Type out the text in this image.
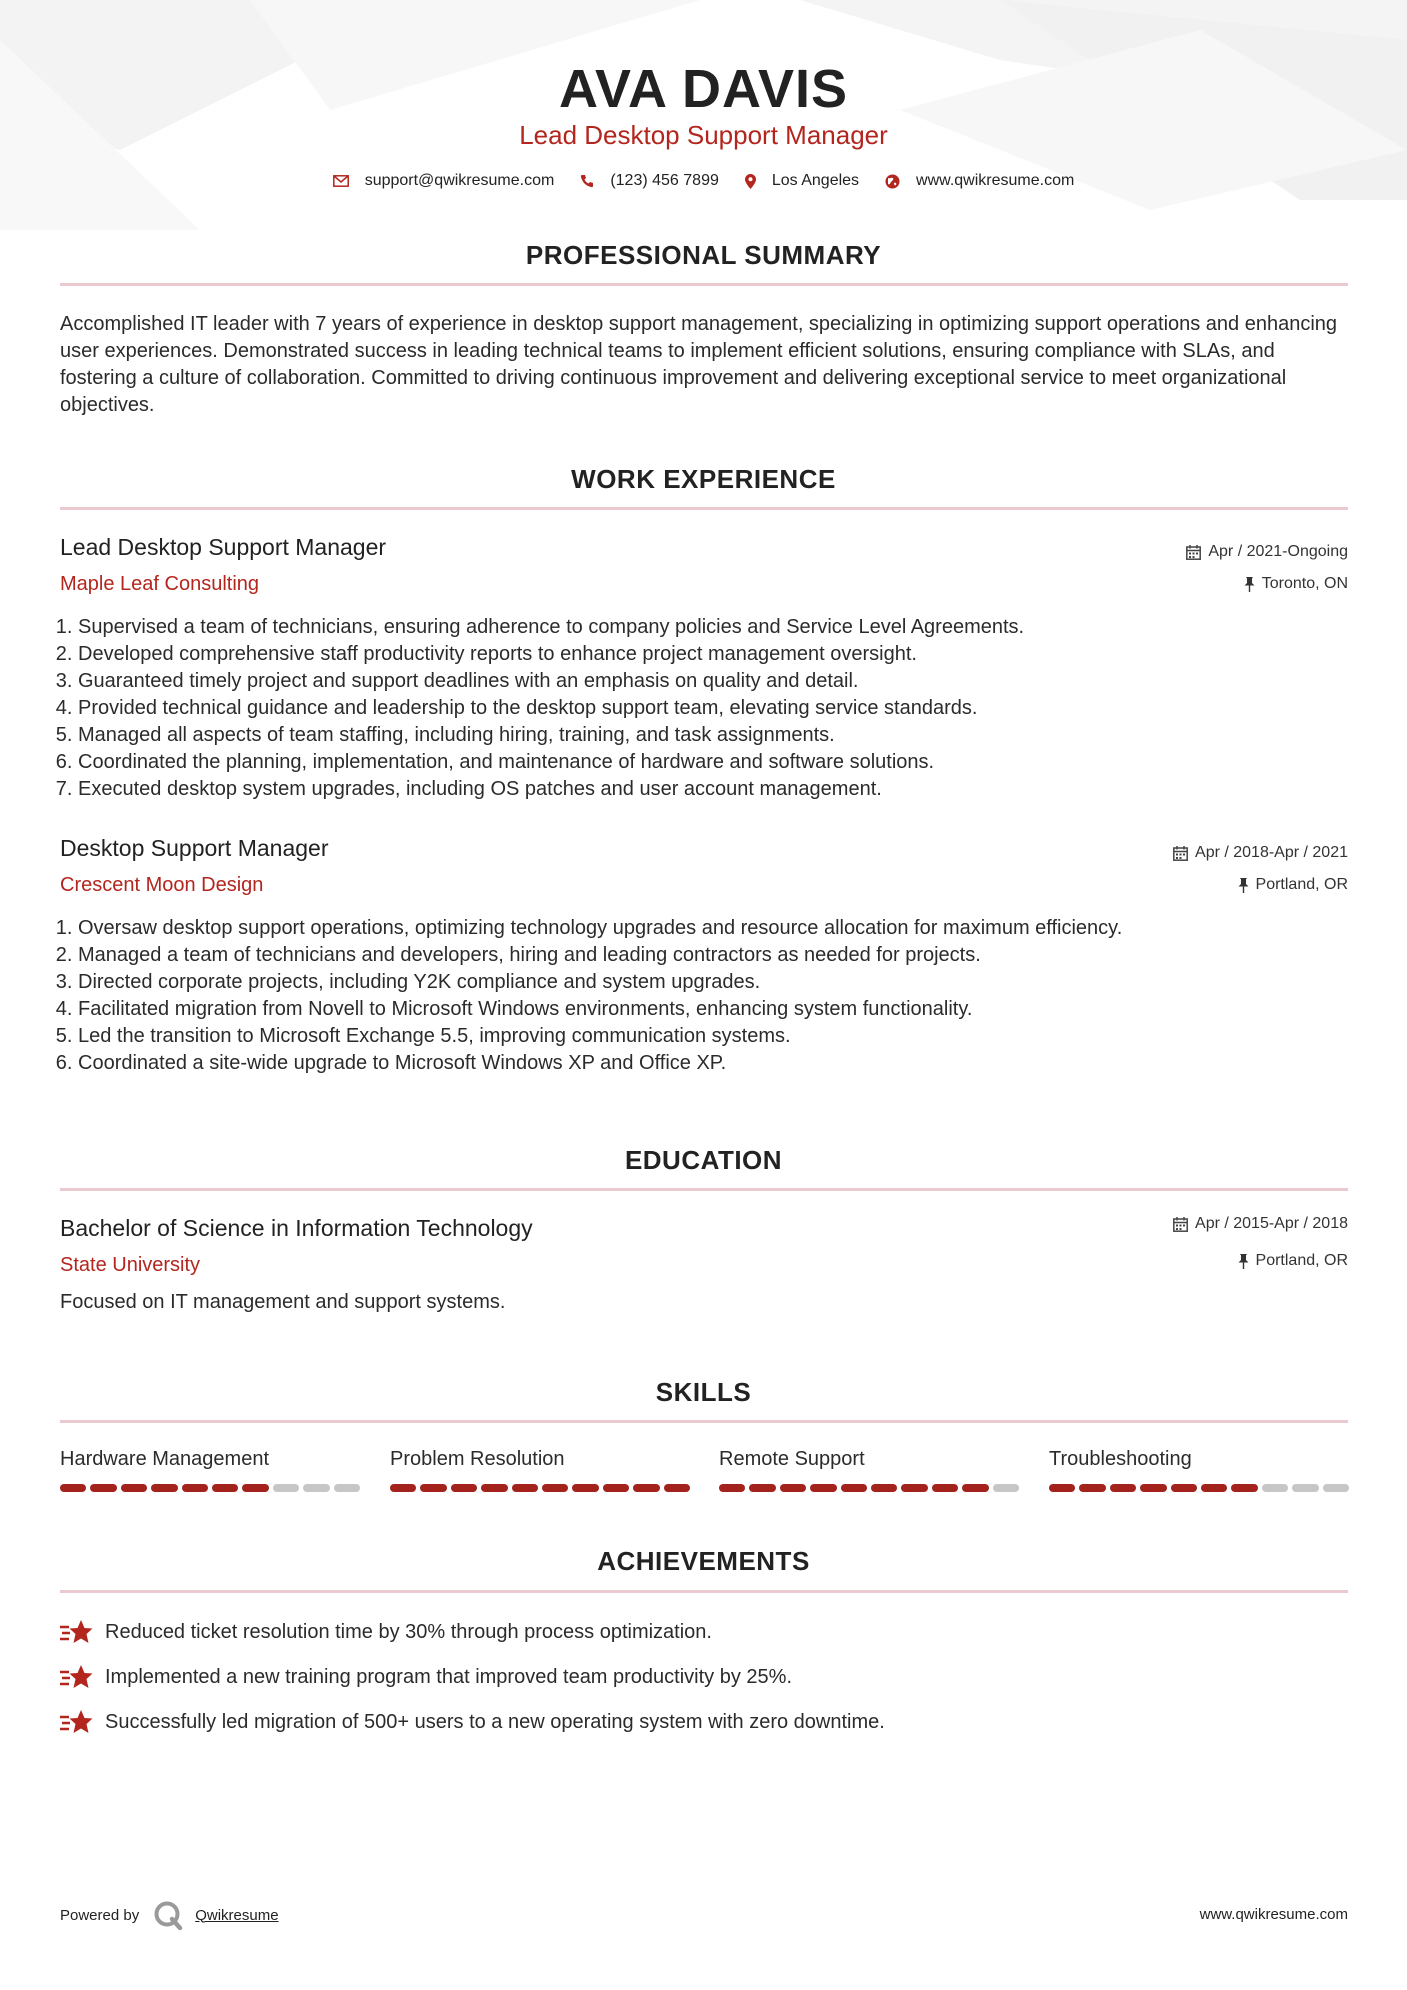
AVA DAVIS
Lead Desktop Support Manager
support@qwikresume.com	(123) 456 7899	Los Angeles	www.qwikresume.com
PROFESSIONAL SUMMARY
Accomplished IT leader with 7 years of experience in desktop support management, specializing in optimizing support operations and enhancing user experiences. Demonstrated success in leading technical teams to implement efficient solutions, ensuring compliance with SLAs, and fostering a culture of collaboration. Committed to driving continuous improvement and delivering exceptional service to meet organizational objectives.
WORK EXPERIENCE
Lead Desktop Support Manager
Maple Leaf Consulting
Apr / 2021-Ongoing
Toronto, ON
1. Supervised a team of technicians, ensuring adherence to company policies and Service Level Agreements.
2. Developed comprehensive staff productivity reports to enhance project management oversight.
3. Guaranteed timely project and support deadlines with an emphasis on quality and detail.
4. Provided technical guidance and leadership to the desktop support team, elevating service standards.
5. Managed all aspects of team staffing, including hiring, training, and task assignments.
6. Coordinated the planning, implementation, and maintenance of hardware and software solutions.
7. Executed desktop system upgrades, including OS patches and user account management.
Desktop Support Manager
Crescent Moon Design
Apr / 2018-Apr / 2021
Portland, OR
1. Oversaw desktop support operations, optimizing technology upgrades and resource allocation for maximum efficiency.
2. Managed a team of technicians and developers, hiring and leading contractors as needed for projects.
3. Directed corporate projects, including Y2K compliance and system upgrades.
4. Facilitated migration from Novell to Microsoft Windows environments, enhancing system functionality.
5. Led the transition to Microsoft Exchange 5.5, improving communication systems.
6. Coordinated a site-wide upgrade to Microsoft Windows XP and Office XP.
EDUCATION
Bachelor of Science in Information Technology
State University
Apr / 2015-Apr / 2018
Portland, OR
Focused on IT management and support systems.
SKILLS
Hardware Management	Problem Resolution	Remote Support	Troubleshooting
ACHIEVEMENTS
Reduced ticket resolution time by 30% through process optimization.
Implemented a new training program that improved team productivity by 25%.
Successfully led migration of 500+ users to a new operating system with zero downtime.
Powered by	Qwikresume	www.qwikresume.com
